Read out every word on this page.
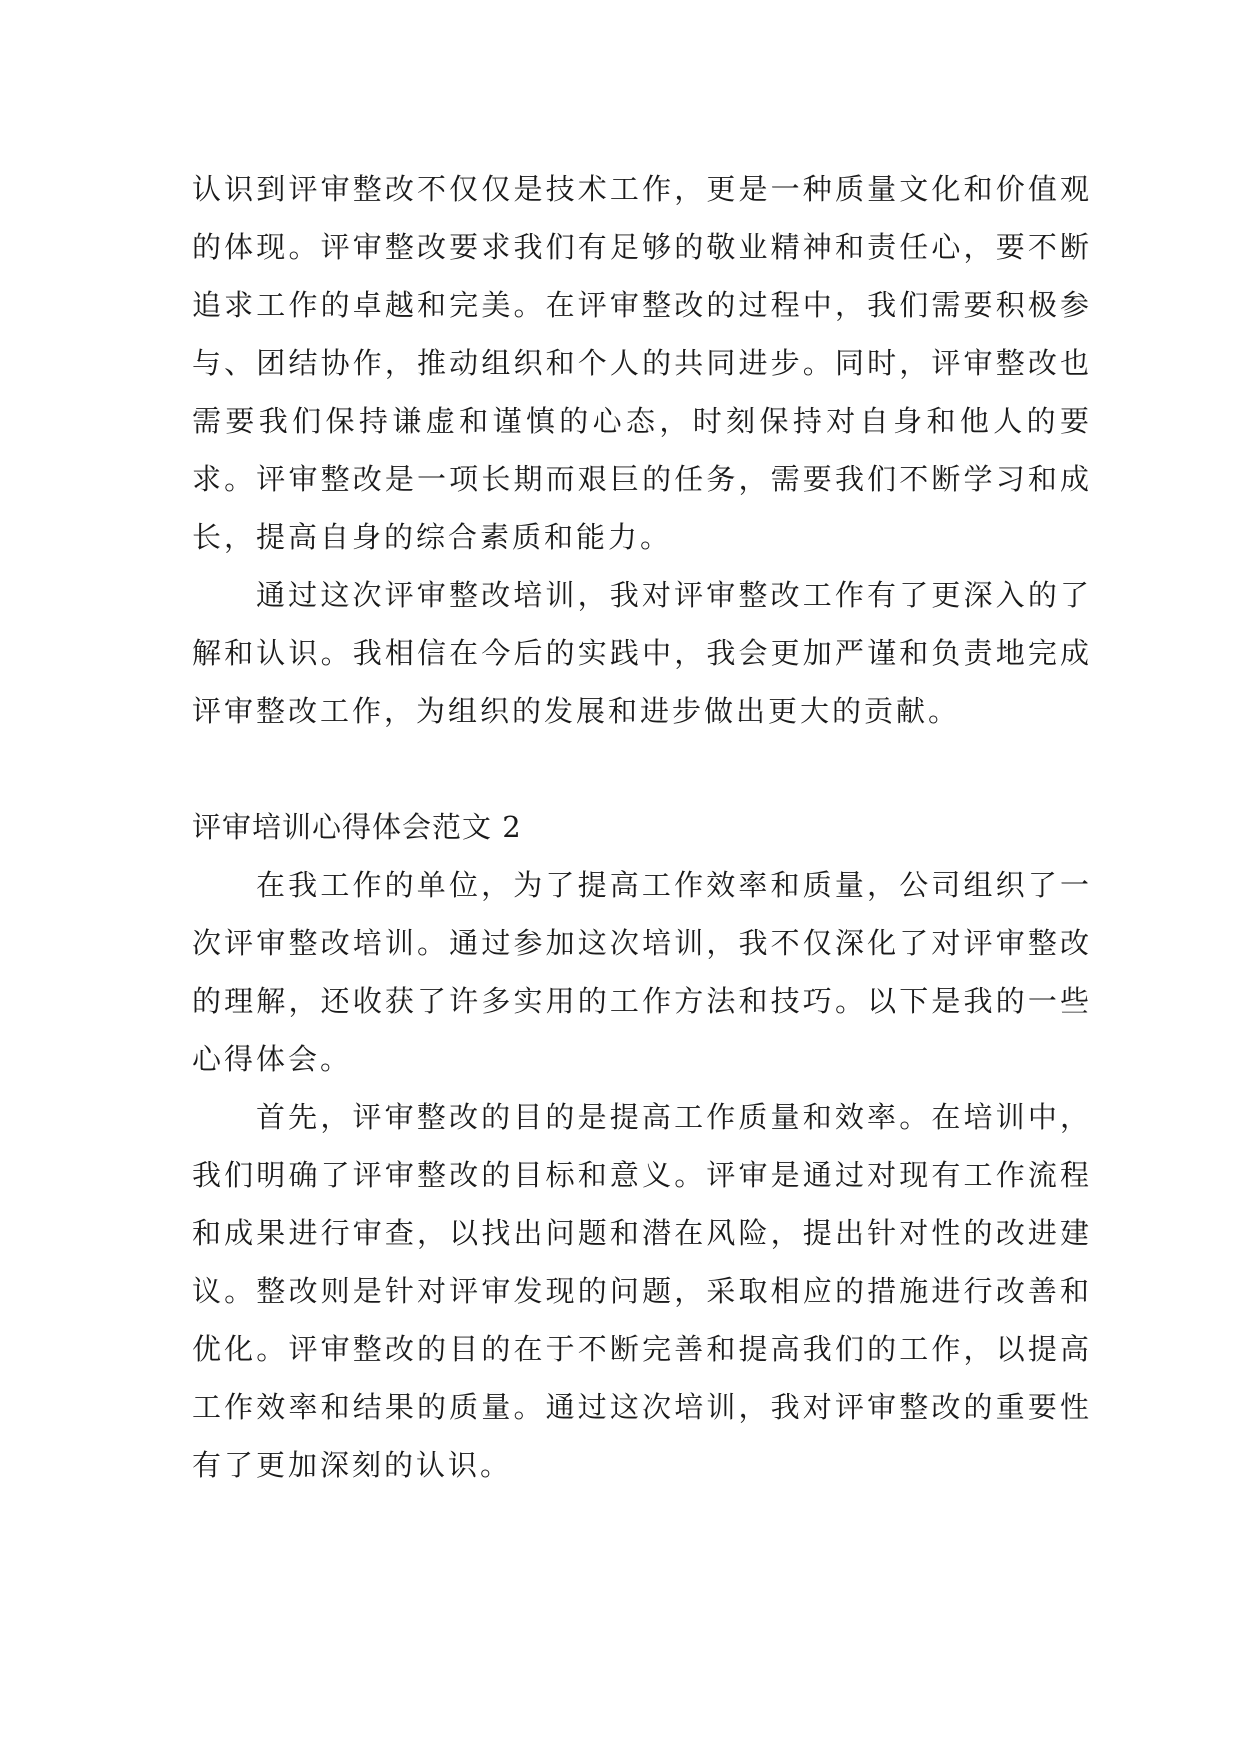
认识到评审整改不仅仅是技术工作，更是一种质量文化和价值观的体现。评审整改要求我们有足够的敬业精神和责任心，要不断追求工作的卓越和完美。在评审整改的过程中，我们需要积极参与、团结协作，推动组织和个人的共同进步。同时，评审整改也需要我们保持谦虚和谨慎的心态，时刻保持对自身和他人的要求。评审整改是一项长期而艰巨的任务，需要我们不断学习和成长，提高自身的综合素质和能力。

通过这次评审整改培训，我对评审整改工作有了更深入的了解和认识。我相信在今后的实践中，我会更加严谨和负责地完成评审整改工作，为组织的发展和进步做出更大的贡献。

评审培训心得体会范文 2

在我工作的单位，为了提高工作效率和质量，公司组织了一次评审整改培训。通过参加这次培训，我不仅深化了对评审整改的理解，还收获了许多实用的工作方法和技巧。以下是我的一些心得体会。

首先，评审整改的目的是提高工作质量和效率。在培训中，我们明确了评审整改的目标和意义。评审是通过对现有工作流程和成果进行审查，以找出问题和潜在风险，提出针对性的改进建议。整改则是针对评审发现的问题，采取相应的措施进行改善和优化。评审整改的目的在于不断完善和提高我们的工作，以提高工作效率和结果的质量。通过这次培训，我对评审整改的重要性有了更加深刻的认识。
